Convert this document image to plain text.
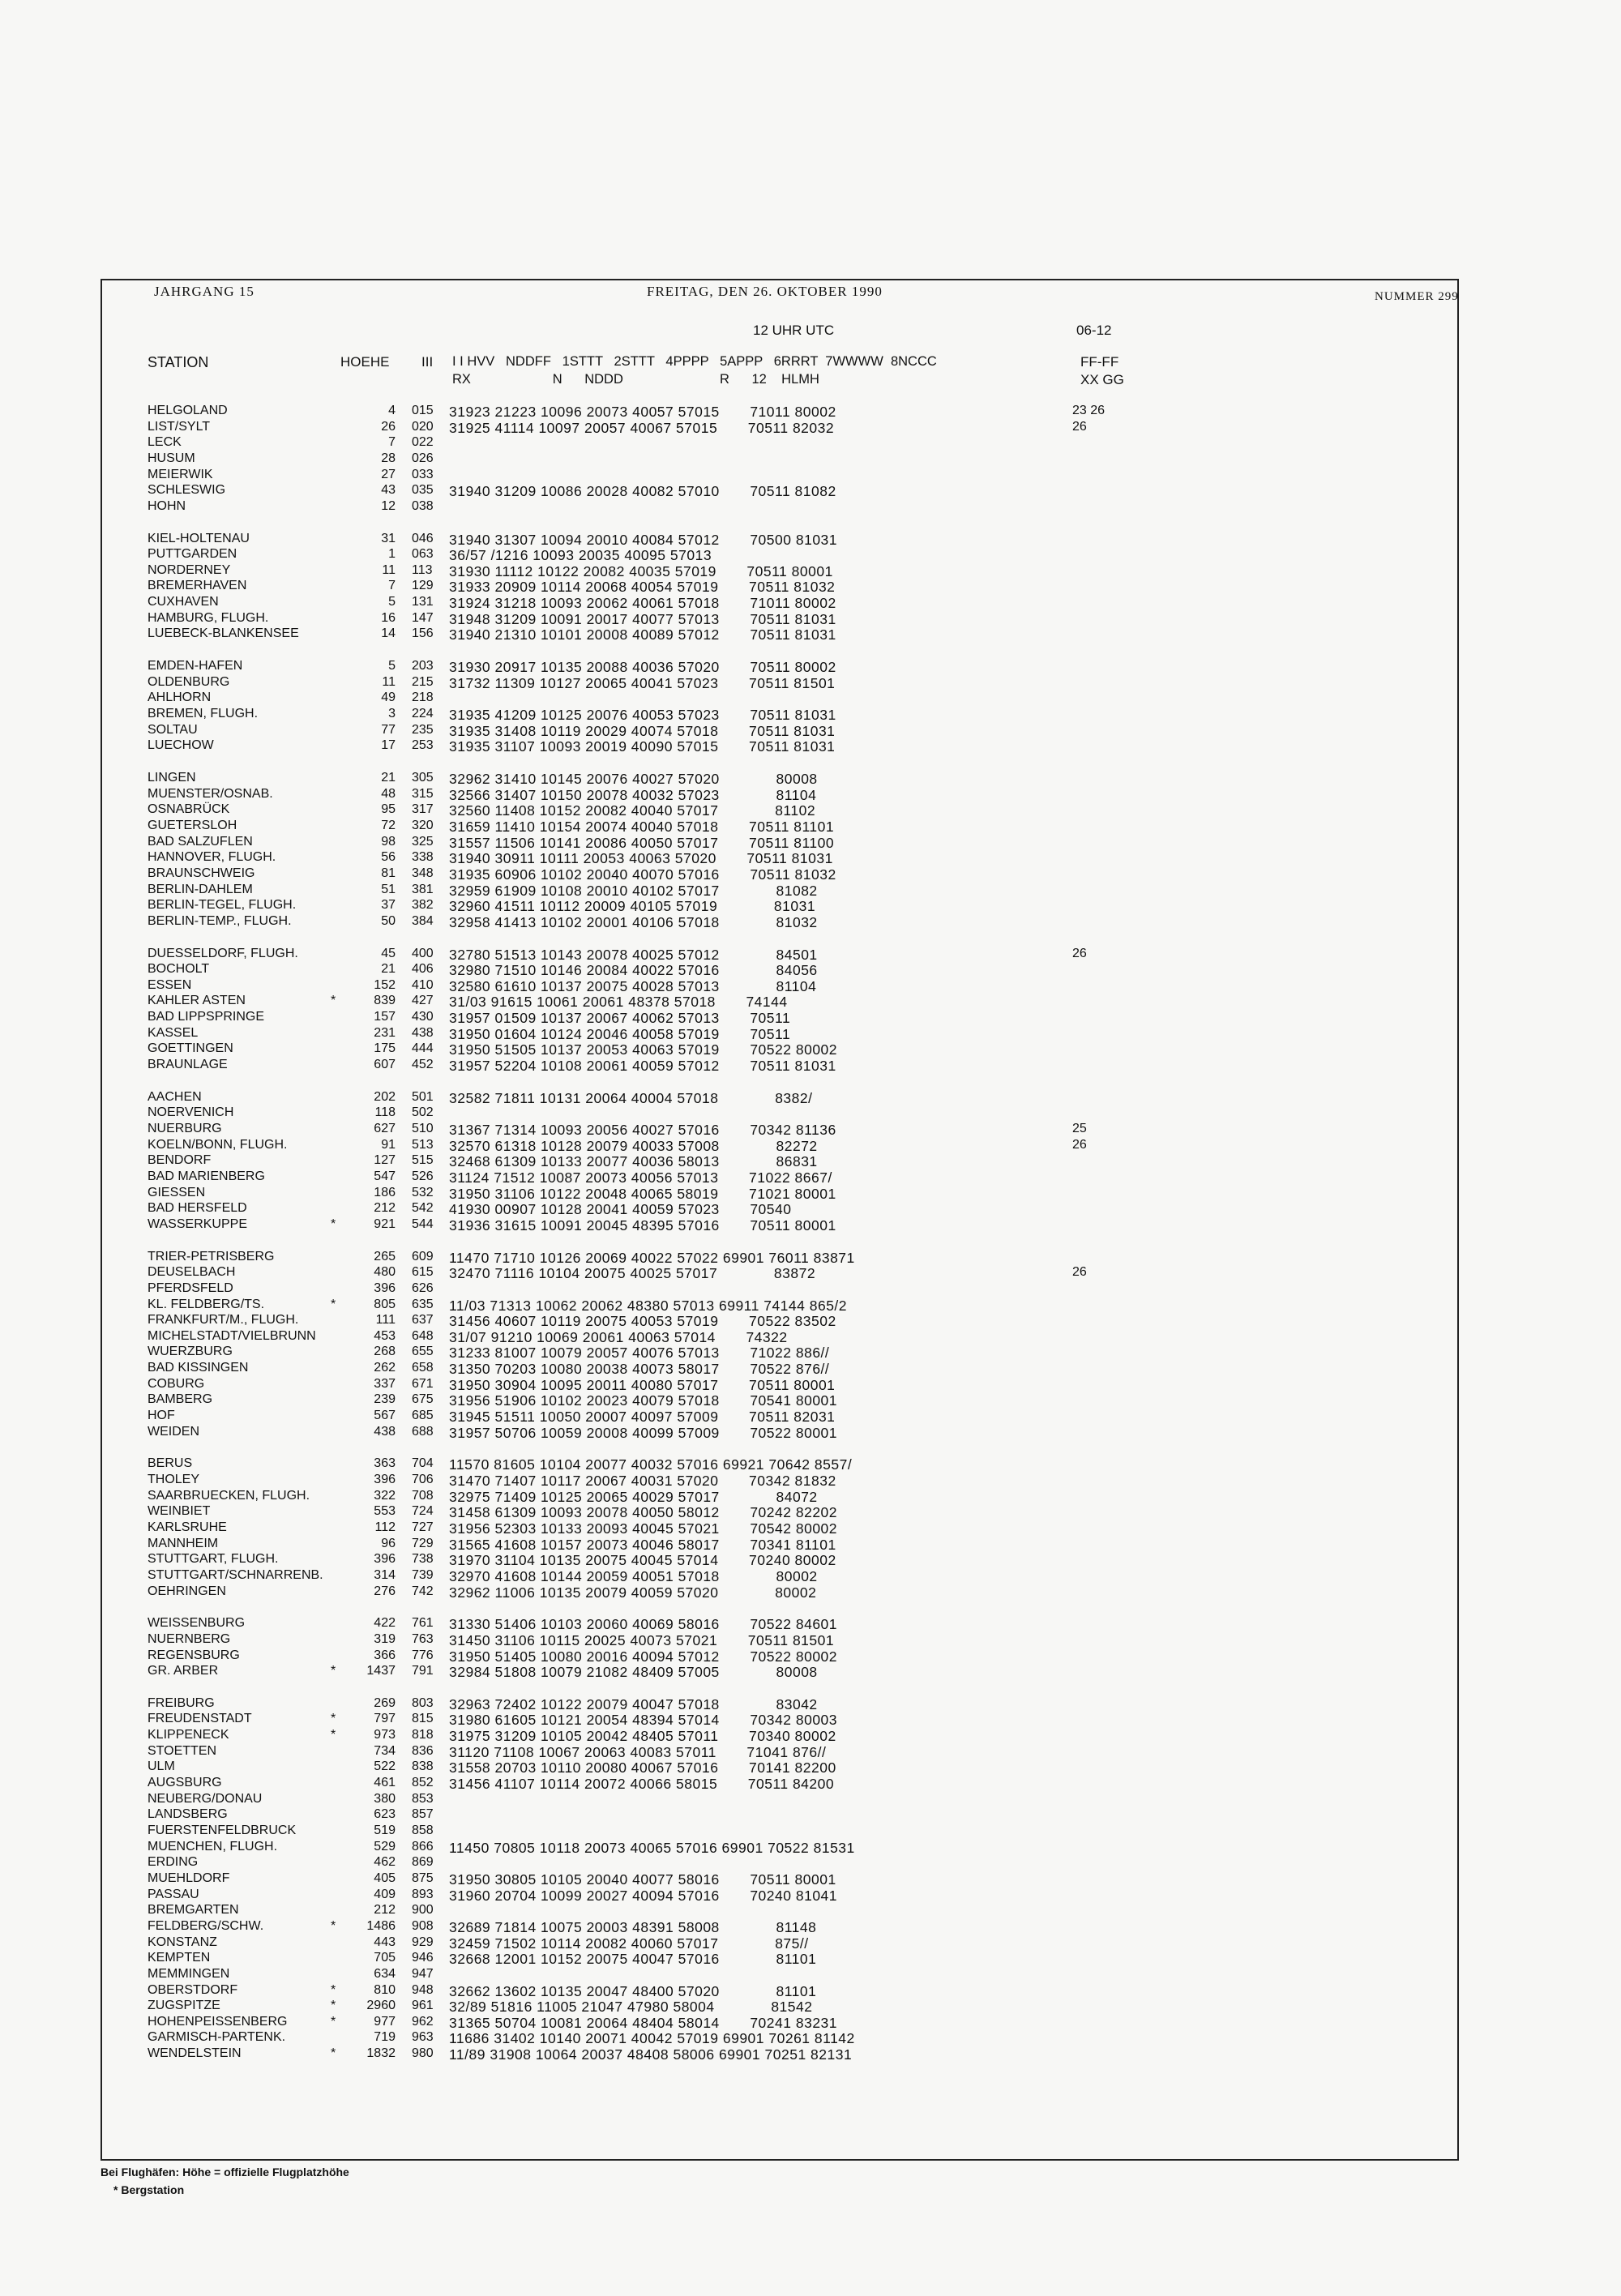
JAHRGANG 15	FREITAG, DEN 26. OKTOBER 1990	NUMMER 299
12 UHR UTC	06-12
STATION	HOEHE III I I HVV   NDDFF   1STTT   2STTT   4PPPP   5APPP   6RRRT  7WWWW  8NCCC
RX                      N      NDDD                          R      12    HLMH
FF-FF
XX GG
HELGOLAND	4 015 31923 21223 10096 20073 40057 57015       71011 80002	23 26
LIST/SYLT	26 020 31925 41114 10097 20057 40067 57015       70511 82032	26
LECK	7 022
HUSUM	28 026
MEIERWIK	27 033
SCHLESWIG	43 035 31940 31209 10086 20028 40082 57010       70511 81082
HOHN	12 038
KIEL-HOLTENAU	31 046 31940 31307 10094 20010 40084 57012       70500 81031
PUTTGARDEN	1 063 36/57 /1216 10093 20035 40095 57013
NORDERNEY	11 113 31930 11112 10122 20082 40035 57019       70511 80001
BREMERHAVEN	7 129 31933 20909 10114 20068 40054 57019       70511 81032
CUXHAVEN	5 131 31924 31218 10093 20062 40061 57018       71011 80002
HAMBURG, FLUGH.	16 147 31948 31209 10091 20017 40077 57013       70511 81031
LUEBECK-BLANKENSEE	14 156 31940 21310 10101 20008 40089 57012       70511 81031
EMDEN-HAFEN	5 203 31930 20917 10135 20088 40036 57020       70511 80002
OLDENBURG	11 215 31732 11309 10127 20065 40041 57023       70511 81501
AHLHORN	49 218
BREMEN, FLUGH.	3 224 31935 41209 10125 20076 40053 57023       70511 81031
SOLTAU	77 235 31935 31408 10119 20029 40074 57018       70511 81031
LUECHOW	17 253 31935 31107 10093 20019 40090 57015       70511 81031
LINGEN	21 305 32962 31410 10145 20076 40027 57020             80008
MUENSTER/OSNAB.	48 315 32566 31407 10150 20078 40032 57023             81104
OSNABRÜCK	95 317 32560 11408 10152 20082 40040 57017             81102
GUETERSLOH	72 320 31659 11410 10154 20074 40040 57018       70511 81101
BAD SALZUFLEN	98 325 31557 11506 10141 20086 40050 57017       70511 81100
HANNOVER, FLUGH.	56 338 31940 30911 10111 20053 40063 57020       70511 81031
BRAUNSCHWEIG	81 348 31935 60906 10102 20040 40070 57016       70511 81032
BERLIN-DAHLEM	51 381 32959 61909 10108 20010 40102 57017             81082
BERLIN-TEGEL, FLUGH.	37 382 32960 41511 10112 20009 40105 57019             81031
BERLIN-TEMP., FLUGH.	50 384 32958 41413 10102 20001 40106 57018             81032
DUESSELDORF, FLUGH.	45 400 32780 51513 10143 20078 40025 57012             84501	26
BOCHOLT	21 406 32980 71510 10146 20084 40022 57016             84056
ESSEN	152 410 32580 61610 10137 20075 40028 57013             81104
KAHLER ASTEN	*	839 427 31/03 91615 10061 20061 48378 57018       74144
BAD LIPPSPRINGE	157 430 31957 01509 10137 20067 40062 57013       70511
KASSEL	231 438 31950 01604 10124 20046 40058 57019       70511
GOETTINGEN	175 444 31950 51505 10137 20053 40063 57019       70522 80002
BRAUNLAGE	607 452 31957 52204 10108 20061 40059 57012       70511 81031
AACHEN	202 501 32582 71811 10131 20064 40004 57018             8382/
NOERVENICH	118 502
NUERBURG	627 510 31367 71314 10093 20056 40027 57016       70342 81136	25
KOELN/BONN, FLUGH.	91 513 32570 61318 10128 20079 40033 57008             82272	26
BENDORF	127 515 32468 61309 10133 20077 40036 58013             86831
BAD MARIENBERG	547 526 31124 71512 10087 20073 40056 57013       71022 8667/
GIESSEN	186 532 31950 31106 10122 20048 40065 58019       71021 80001
BAD HERSFELD	212 542 41930 00907 10128 20041 40059 57023       70540
WASSERKUPPE	*	921 544 31936 31615 10091 20045 48395 57016       70511 80001
TRIER-PETRISBERG	265 609 11470 71710 10126 20069 40022 57022 69901 76011 83871
DEUSELBACH	480 615 32470 71116 10104 20075 40025 57017             83872	26
PFERDSFELD	396 626
KL. FELDBERG/TS.	*	805 635 11/03 71313 10062 20062 48380 57013 69911 74144 865/2
FRANKFURT/M., FLUGH.	111 637 31456 40607 10119 20075 40053 57019       70522 83502
MICHELSTADT/VIELBRUNN	453 648 31/07 91210 10069 20061 40063 57014       74322
WUERZBURG	268 655 31233 81007 10079 20057 40076 57013       71022 886//
BAD KISSINGEN	262 658 31350 70203 10080 20038 40073 58017       70522 876//
COBURG	337 671 31950 30904 10095 20011 40080 57017       70511 80001
BAMBERG	239 675 31956 51906 10102 20023 40079 57018       70541 80001
HOF	567 685 31945 51511 10050 20007 40097 57009       70511 82031
WEIDEN	438 688 31957 50706 10059 20008 40099 57009       70522 80001
BERUS	363 704 11570 81605 10104 20077 40032 57016 69921 70642 8557/
THOLEY	396 706 31470 71407 10117 20067 40031 57020       70342 81832
SAARBRUECKEN, FLUGH.	322 708 32975 71409 10125 20065 40029 57017             84072
WEINBIET	553 724 31458 61309 10093 20078 40050 58012       70242 82202
KARLSRUHE	112 727 31956 52303 10133 20093 40045 57021       70542 80002
MANNHEIM	96 729 31565 41608 10157 20073 40046 58017       70341 81101
STUTTGART, FLUGH.	396 738 31970 31104 10135 20075 40045 57014       70240 80002
STUTTGART/SCHNARRENB.	314 739 32970 41608 10144 20059 40051 57018             80002
OEHRINGEN	276 742 32962 11006 10135 20079 40059 57020             80002
WEISSENBURG	422 761 31330 51406 10103 20060 40069 58016       70522 84601
NUERNBERG	319 763 31450 31106 10115 20025 40073 57021       70511 81501
REGENSBURG	366 776 31950 51405 10080 20016 40094 57012       70522 80002
GR. ARBER	*	1437 791 32984 51808 10079 21082 48409 57005             80008
FREIBURG	269 803 32963 72402 10122 20079 40047 57018             83042
FREUDENSTADT	*	797 815 31980 61605 10121 20054 48394 57014       70342 80003
KLIPPENECK	*	973 818 31975 31209 10105 20042 48405 57011       70340 80002
STOETTEN	734 836 31120 71108 10067 20063 40083 57011       71041 876//
ULM	522 838 31558 20703 10110 20080 40067 57016       70141 82200
AUGSBURG	461 852 31456 41107 10114 20072 40066 58015       70511 84200
NEUBERG/DONAU	380 853
LANDSBERG	623 857
FUERSTENFELDBRUCK	519 858
MUENCHEN, FLUGH.	529 866 11450 70805 10118 20073 40065 57016 69901 70522 81531
ERDING	462 869
MUEHLDORF	405 875 31950 30805 10105 20040 40077 58016       70511 80001
PASSAU	409 893 31960 20704 10099 20027 40094 57016       70240 81041
BREMGARTEN	212 900
FELDBERG/SCHW.	*	1486 908 32689 71814 10075 20003 48391 58008             81148
KONSTANZ	443 929 32459 71502 10114 20082 40060 57017             875//
KEMPTEN	705 946 32668 12001 10152 20075 40047 57016             81101
MEMMINGEN	634 947
OBERSTDORF	*	810 948 32662 13602 10135 20047 48400 57020             81101
ZUGSPITZE	*	2960 961 32/89 51816 11005 21047 47980 58004             81542
HOHENPEISSENBERG	*	977 962 31365 50704 10081 20064 48404 58014       70241 83231
GARMISCH-PARTENK.	719 963 11686 31402 10140 20071 40042 57019 69901 70261 81142
WENDELSTEIN	*	1832 980 11/89 31908 10064 20037 48408 58006 69901 70251 82131
Bei Flughäfen: Höhe = offizielle Flugplatzhöhe
* Bergstation
